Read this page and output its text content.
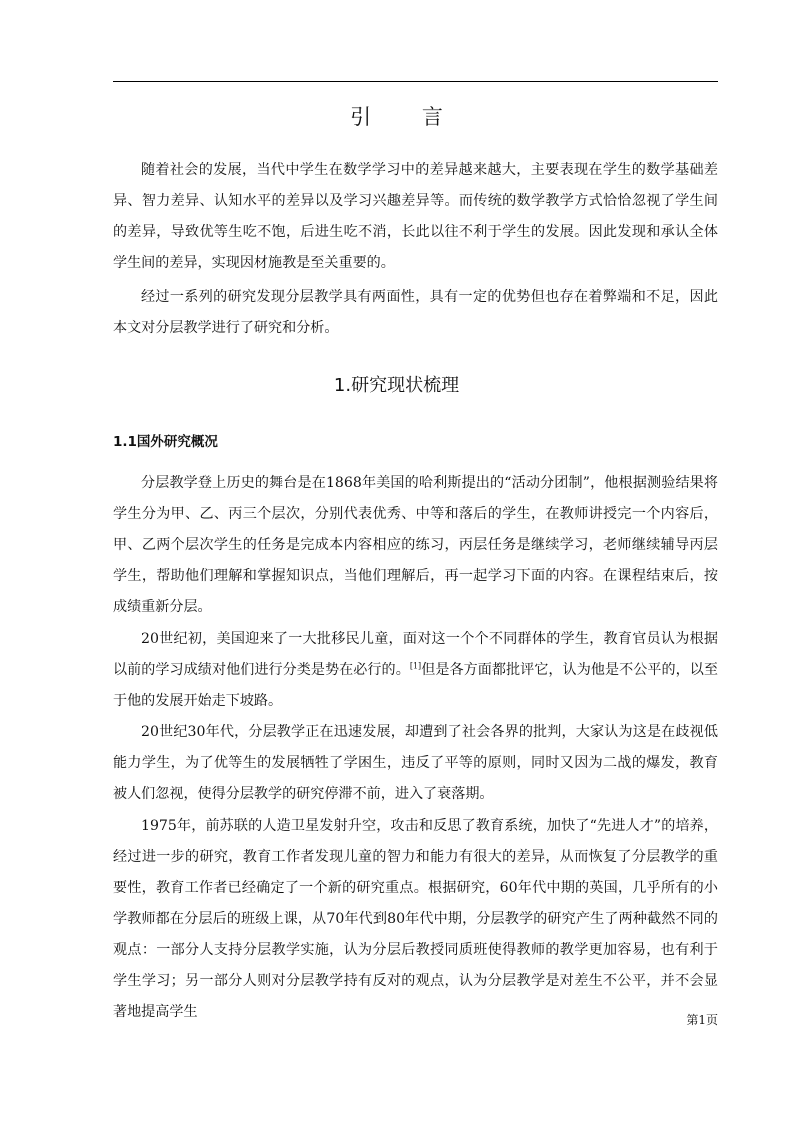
引 言

随着社会的发展，当代中学生在数学学习中的差异越来越大，主要表现在学生的数学基础差异、智力差异、认知水平的差异以及学习兴趣差异等。而传统的数学教学方式恰恰忽视了学生间的差异，导致优等生吃不饱，后进生吃不消，长此以往不利于学生的发展。因此发现和承认全体学生间的差异，实现因材施教是至关重要的。

经过一系列的研究发现分层教学具有两面性，具有一定的优势但也存在着弊端和不足，因此本文对分层教学进行了研究和分析。

1.研究现状梳理
1.1国外研究概况

分层教学登上历史的舞台是在1868年美国的哈利斯提出的“活动分团制”，他根据测验结果将学生分为甲、乙、丙三个层次，分别代表优秀、中等和落后的学生，在教师讲授完一个内容后，甲、乙两个层次学生的任务是完成本内容相应的练习，丙层任务是继续学习，老师继续辅导丙层学生，帮助他们理解和掌握知识点，当他们理解后，再一起学习下面的内容。在课程结束后，按成绩重新分层。

20世纪初，美国迎来了一大批移民儿童，面对这一个个不同群体的学生，教育官员认为根据以前的学习成绩对他们进行分类是势在必行的。[1]但是各方面都批评它，认为他是不公平的，以至于他的发展开始走下坡路。

20世纪30年代，分层教学正在迅速发展，却遭到了社会各界的批判，大家认为这是在歧视低能力学生，为了优等生的发展牺牲了学困生，违反了平等的原则，同时又因为二战的爆发，教育被人们忽视，使得分层教学的研究停滞不前，进入了衰落期。

1975年，前苏联的人造卫星发射升空，攻击和反思了教育系统，加快了“先进人才”的培养，经过进一步的研究，教育工作者发现儿童的智力和能力有很大的差异，从而恢复了分层教学的重要性，教育工作者已经确定了一个新的研究重点。根据研究，60年代中期的英国，几乎所有的小学教师都在分层后的班级上课，从70年代到80年代中期，分层教学的研究产生了两种截然不同的观点：一部分人支持分层教学实施，认为分层后教授同质班使得教师的教学更加容易，也有利于学生学习；另一部分人则对分层教学持有反对的观点，认为分层教学是对差生不公平，并不会显著地提高学生	第1页
